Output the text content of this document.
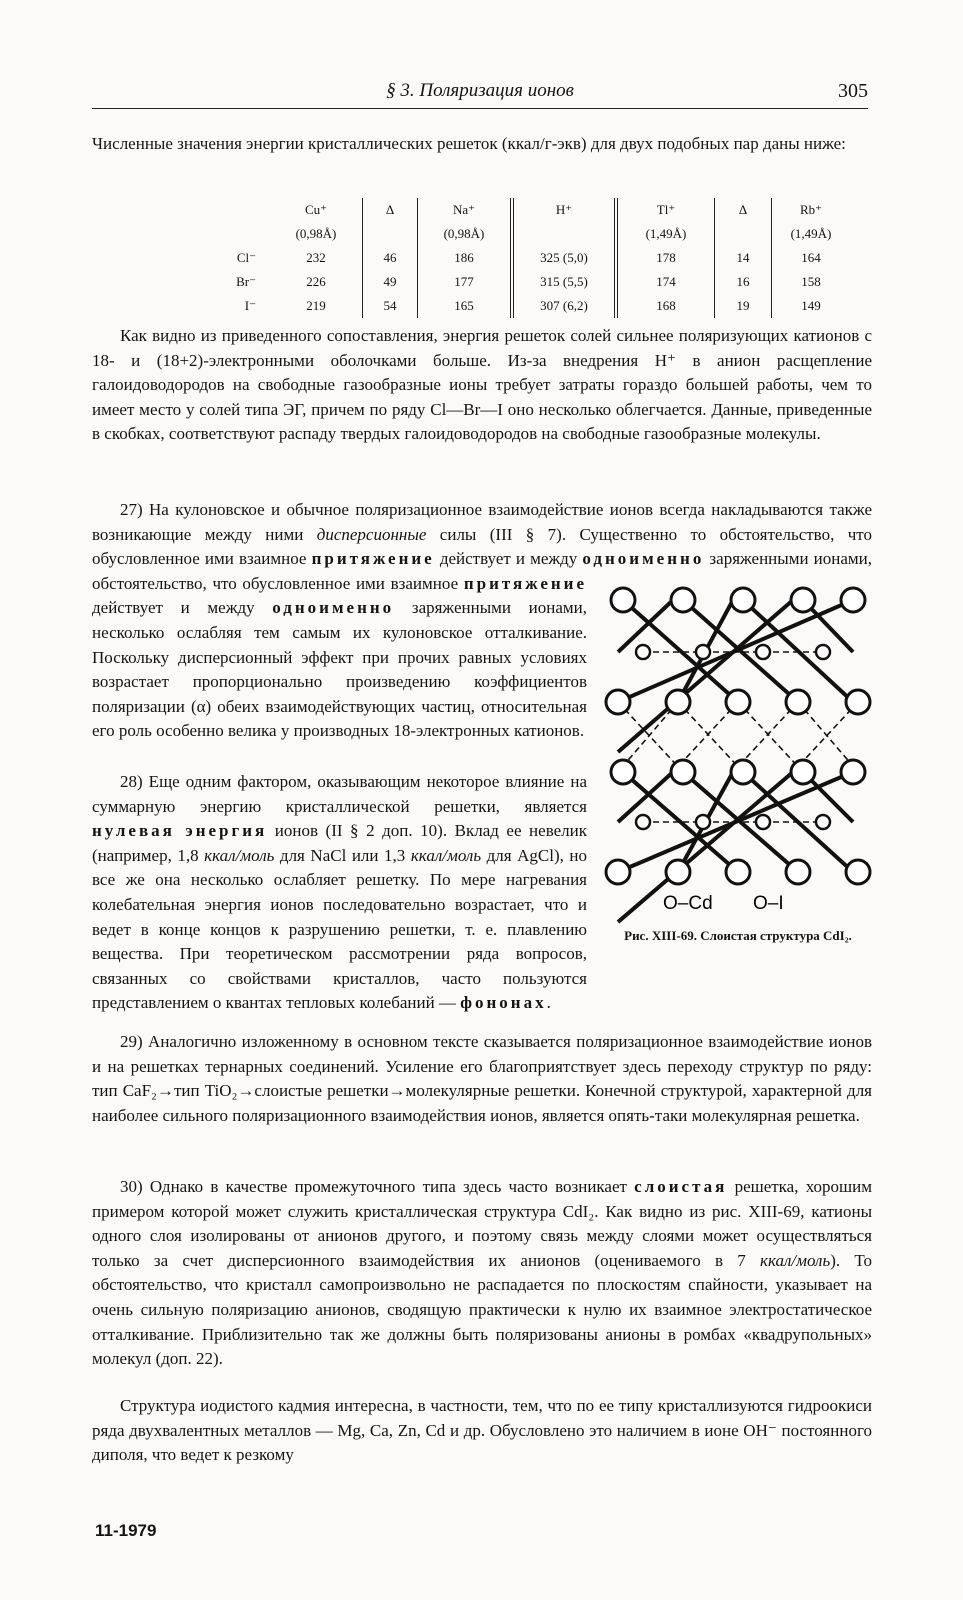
§ 3. Поляризация ионов	305
Численные значения энергии кристаллических решеток (ккал/г-экв) для двух подобных пар даны ниже:
	Cu⁺	Δ	Na⁺	H⁺	Tl⁺	Δ	Rb⁺
	(0,98Å)		(0,98Å)		(1,49Å)		(1,49Å)
Cl⁻	232	46	186	325 (5,0)	178	14	164
Br⁻	226	49	177	315 (5,5)	174	16	158
I⁻	219	54	165	307 (6,2)	168	19	149
Как видно из приведенного сопоставления, энергия решеток солей сильнее поляризующих катионов с 18- и (18+2)-электронными оболочками больше. Из-за внедрения H⁺ в анион расщепление галоидоводородов на свободные газообразные ионы требует затраты гораздо большей работы, чем то имеет место у солей типа ЭГ, причем по ряду Cl—Br—I оно несколько облегчается. Данные, приведенные в скобках, соответствуют распаду твердых галоидоводородов на свободные газообразные молекулы.
27) На кулоновское и обычное поляризационное взаимодействие ионов всегда накладываются также возникающие между ними дисперсионные силы (III § 7). Существенно то обстоятельство, что обусловленное ими взаимное притяжение действует и между одноименно заряженными ионами,
обстоятельство, что обусловленное ими взаимное притяжение действует и между одноименно заряженными ионами, несколько ослабляя тем самым их кулоновское отталкивание. Поскольку дисперсионный эффект при прочих равных условиях возрастает пропорционально произведению коэффициентов поляризации (α) обеих взаимодействующих частиц, относительная его роль особенно велика у производных 18-электронных катионов.
28) Еще одним фактором, оказывающим некоторое влияние на суммарную энергию кристаллической решетки, является нулевая энергия ионов (II § 2 доп. 10). Вклад ее невелик (например, 1,8 ккал/моль для NaCl или 1,3 ккал/моль для AgCl), но все же она несколько ослабляет решетку. По мере нагревания колебательная энергия ионов последовательно возрастает, что и ведет в конце концов к разрушению решетки, т. е. плавлению вещества. При теоретическом рассмотрении ряда вопросов, связанных со свойствами кристаллов, часто пользуются представлением о квантах тепловых колебаний — фононах.
O–Cd O–I
Рис. XIII-69. Слоистая структура CdI₂.
29) Аналогично изложенному в основном тексте сказывается поляризационное взаимодействие ионов и на решетках тернарных соединений. Усиление его благоприятствует здесь переходу структур по ряду: тип CaF₂→тип TiO₂→слоистые решетки→молекулярные решетки. Конечной структурой, характерной для наиболее сильного поляризационного взаимодействия ионов, является опять-таки молекулярная решетка.
30) Однако в качестве промежуточного типа здесь часто возникает слоистая решетка, хорошим примером которой может служить кристаллическая структура CdI₂. Как видно из рис. XIII-69, катионы одного слоя изолированы от анионов другого, и поэтому связь между слоями может осуществляться только за счет дисперсионного взаимодействия их анионов (оцениваемого в 7 ккал/моль). То обстоятельство, что кристалл самопроизвольно не распадается по плоскостям спайности, указывает на очень сильную поляризацию анионов, сводящую практически к нулю их взаимное электростатическое отталкивание. Приблизительно так же должны быть поляризованы анионы в ромбах «квадрупольных» молекул (доп. 22).
Структура иодистого кадмия интересна, в частности, тем, что по ее типу кристаллизуются гидроокиси ряда двухвалентных металлов — Mg, Ca, Zn, Cd и др. Обусловлено это наличием в ионе OH⁻ постоянного диполя, что ведет к резкому
11-1979
